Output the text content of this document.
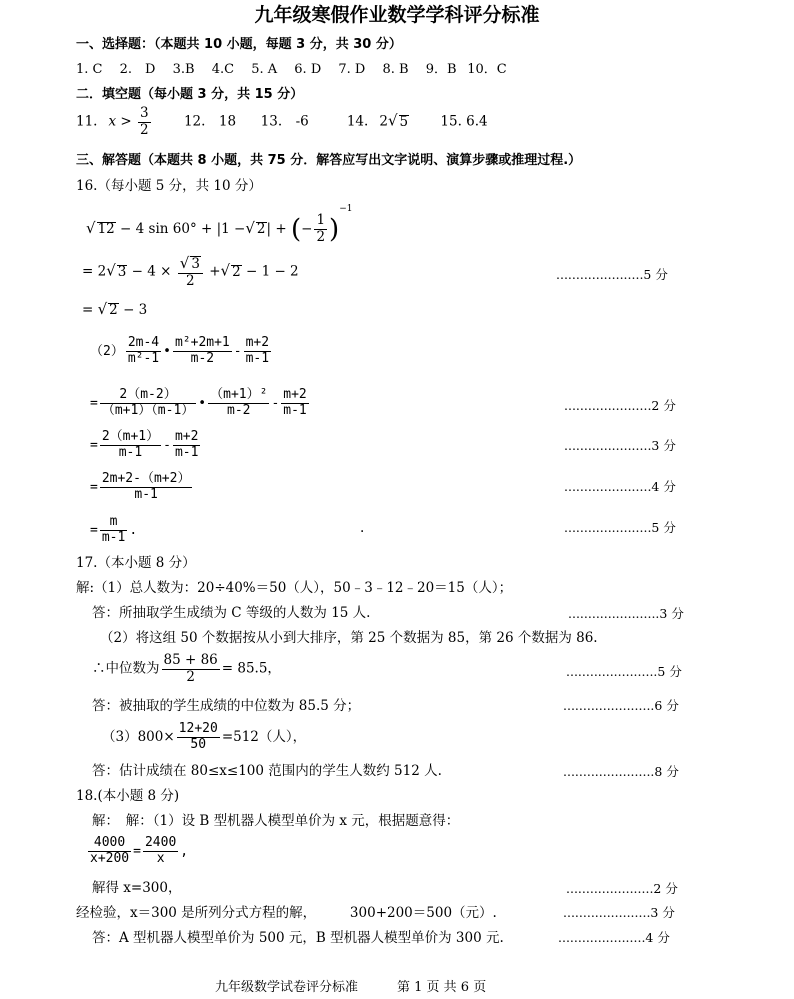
九年级寒假作业数学学科评分标准
一、选择题：（本题共 10 小题，每题 3 分，共 30 分）
1. C  2.　D  3.B  4.C  5. A  6. D  7. D  8. B  9．B  10．C
二．填空题（每小题 3 分，共 15 分）
11.  $x > \frac{3}{2}$
   12.　18    13.　-6    	14.  2√ 5    15. 6.4
三、解答题（本题共 8 小题，共 75 分．解答应写出文字说明、演算步骤或推理过程.）
16.（每小题 5 分，共 10 分）
√ 12 − 4 sin 60° + |1 −√ 2| + (− $\frac{1}{2} )^{-1}$
= 2√ $3 - 4 \times \frac{√ 3}{2}$ +√ 2 − 1 − 2	......................5 分
= √ 2 − 3
$(2) \frac{2m-4}{\text{m²-1}}$ • $\frac{\text{m²+2m+1}}{m-2} - \frac{m+2}{m-1}$
= $\frac{2(m-2)}{(m+1)(m-1)}$ • $\frac{\text{（m+1）²}}{m-2} - \frac{m+2}{m-1}$	......................2 分
= $\frac{2(m+1)}{m-1} - \frac{m+2}{m-1}$	......................3 分
= $\frac{2m+2-(m+2)}{m-1}$	......................4 分
= $\frac{m}{m-1}$ .	.	......................5 分
17.（本小题 8 分）
解:（1）总人数为：20÷40%＝50（人），50﹣3﹣12﹣20＝15（人）；
答：所抽取学生成绩为 C 等级的人数为 15 人.	.......................3 分
（2）将这组 50 个数据按从小到大排序，第 25 个数据为 85，第 26 个数据为 86.
∴中位数为 $\frac{85 + 86}{2} = 85.5$，	.......................5 分
答：被抽取的学生成绩的中位数为 85.5 分；	.......................6 分
$(3)800\times \frac{12+20}{50} =512$（人），
答：估计成绩在 80≤x≤100 范围内的学生人数约 512 人.	.......................8 分
18.(本小题 8 分)
解：　解：（1）设 B 型机器人模型单价为 x 元，根据题意得：
$\frac{4000}{x+200} = \frac{2400}{x}$ ,
解得 x=300，	......................2 分
经检验，x＝300 是所列分式方程的解，　　　300+200＝500（元）.	......................3 分
答：A 型机器人模型单价为 500 元，B 型机器人模型单价为 300 元.	......................4 分
九年级数学试卷评分标准　　　第 1 页 共 6 页
